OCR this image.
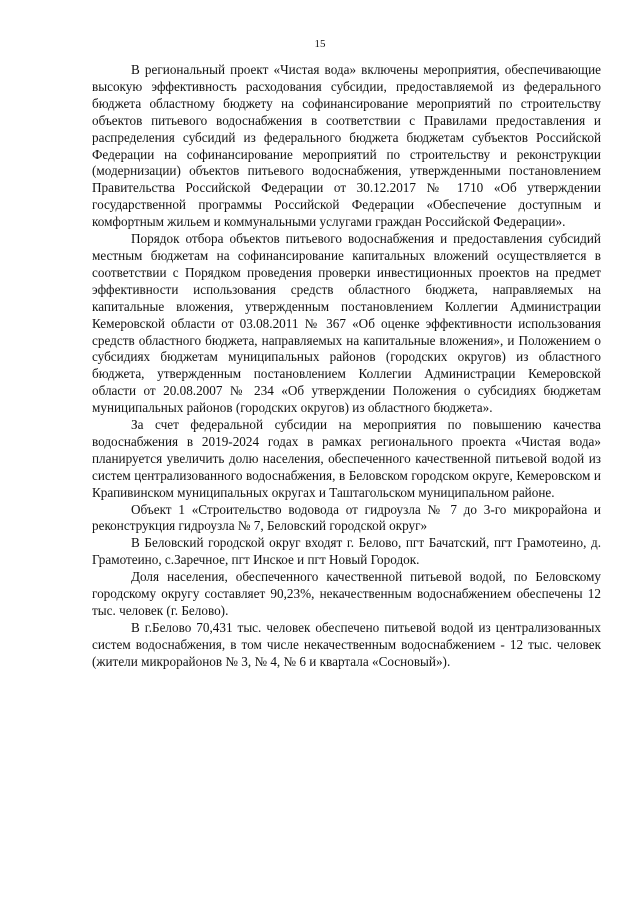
15

В региональный проект «Чистая вода» включены мероприятия, обеспечивающие высокую эффективность расходования субсидии, предоставляемой из федерального бюджета областному бюджету на софинансирование мероприятий по строительству объектов питьевого водоснабжения в соответствии с Правилами предоставления и распределения субсидий из федерального бюджета бюджетам субъектов Российской Федерации на софинансирование мероприятий по строительству и реконструкции (модернизации) объектов питьевого водоснабжения, утвержденными постановлением Правительства Российской Федерации от 30.12.2017 № 1710 «Об утверждении государственной программы Российской Федерации «Обеспечение доступным и комфортным жильем и коммунальными услугами граждан Российской Федерации».

Порядок отбора объектов питьевого водоснабжения и предоставления субсидий местным бюджетам на софинансирование капитальных вложений осуществляется в соответствии с Порядком проведения проверки инвестиционных проектов на предмет эффективности использования средств областного бюджета, направляемых на капитальные вложения, утвержденным постановлением Коллегии Администрации Кемеровской области от 03.08.2011 № 367 «Об оценке эффективности использования средств областного бюджета, направляемых на капитальные вложения», и Положением о субсидиях бюджетам муниципальных районов (городских округов) из областного бюджета, утвержденным постановлением Коллегии Администрации Кемеровской области от 20.08.2007 № 234 «Об утверждении Положения о субсидиях бюджетам муниципальных районов (городских округов) из областного бюджета».

За счет федеральной субсидии на мероприятия по повышению качества водоснабжения в 2019-2024 годах в рамках регионального проекта «Чистая вода» планируется увеличить долю населения, обеспеченного качественной питьевой водой из систем централизованного водоснабжения, в Беловском городском округе, Кемеровском и Крапивинском муниципальных округах и Таштагольском муниципальном районе.

Объект 1 «Строительство водовода от гидроузла № 7 до 3-го микрорайона и реконструкция гидроузла № 7, Беловский городской округ»

В Беловский городской округ входят г. Белово, пгт Бачатский, пгт Грамотеино, д. Грамотеино, с.Заречное, пгт Инское и пгт Новый Городок.

Доля населения, обеспеченного качественной питьевой водой, по Беловскому городскому округу составляет 90,23%, некачественным водоснабжением обеспечены 12 тыс. человек (г. Белово).

В г.Белово 70,431 тыс. человек обеспечено питьевой водой из централизованных систем водоснабжения, в том числе некачественным водоснабжением - 12 тыс. человек (жители микрорайонов № 3, № 4, № 6 и квартала «Сосновый»).
